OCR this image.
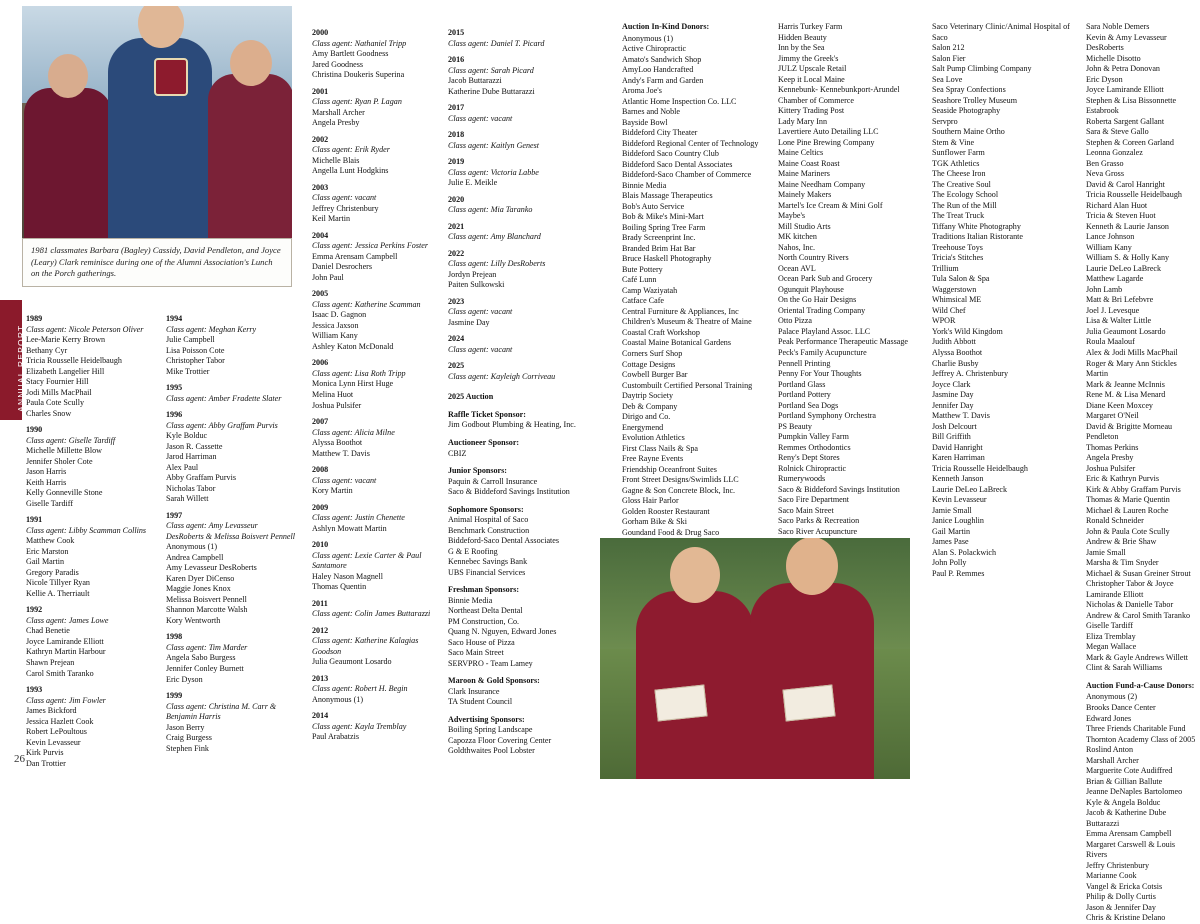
1981 classmates Barbara (Bagley) Cassidy, David Pendleton, and Joyce (Leary) Clark reminisce during one of the Alumni Association's Lunch on the Porch gatherings.
ANNUAL REPORT
1989
Class agent: Nicole Peterson Oliver
Lee-Marie Kerry Brown
Bethany Cyr
Tricia Rousselle Heidelbaugh
Elizabeth Langelier Hill
Stacy Fournier Hill
Jodi Mills MacPhail
Paula Cote Scully
Charles Snow
1990
Class agent: Giselle Tardiff
Michelle Millette Blow
Jennifer Sholer Cote
Jason Harris
Keith Harris
Kelly Gonneville Stone
Giselle Tardiff
1991
Class agent: Libby Scamman Collins
Matthew Cook
Eric Marston
Gail Martin
Gregory Paradis
Nicole Tillyer Ryan
Kellie A. Therriault
1992
Class agent: James Lowe
Chad Benetie
Joyce Lamirande Elliott
Kathryn Martin Harbour
Shawn Prejean
Carol Smith Taranko
1993
Class agent: Jim Fowler
James Bickford
Jessica Hazlett Cook
Robert LePoultous
Kevin Levasseur
Kirk Purvis
Dan Trottier
1994
Class agent: Meghan Kerry
Julie Campbell
Lisa Poisson Cote
Christopher Tabor
Mike Trottier
1995
Class agent: Amber Fradette Slater
1996
Class agent: Abby Graffam Purvis
Kyle Bolduc
Jason R. Cassette
Jarod Harriman
Alex Paul
Abby Graffam Purvis
Nicholas Tabor
Sarah Willett
1997
Class agent: Amy Levasseur DesRoberts & Melissa Boisvert Pennell
Anonymous (1)
Andrea Campbell
Amy Levasseur DesRoberts
Karen Dyer DiCenso
Maggie Jones Knox
Melissa Boisvert Pennell
Shannon Marcotte Walsh
Kory Wentworth
1998
Class agent: Tim Marder
Angela Sabo Burgess
Jennifer Conley Burnett
Eric Dyson
1999
Class agent: Christina M. Carr & Benjamin Harris
Jason Berry
Craig Burgess
Stephen Fink
2000
Class agent: Nathaniel Tripp
Amy Bartlett Goodness
Jared Goodness
Christina Doukeris Superina
2001
Class agent: Ryan P. Lagan
Marshall Archer
Angela Presby
2002
Class agent: Erik Ryder
Michelle Blais
Angella Lunt Hodgkins
2003
Class agent: vacant
Jeffrey Christenbury
Keil Martin
2004
Class agent: Jessica Perkins Foster
Emma Arensam Campbell
Daniel Desrochers
John Paul
2005
Class agent: Katherine Scamman
Isaac D. Gagnon
Jessica Jaxson
William Kany
Ashley Katon McDonald
2006
Class agent: Lisa Roth Tripp
Monica Lynn Hirst Huge
Melina Huot
Joshua Pulsifer
2007
Class agent: Alicia Milne
Alyssa Boothot
Matthew T. Davis
2008
Class agent: vacant
Kory Martin
2009
Class agent: Justin Chenette
Ashlyn Mowatt Martin
2010
Class agent: Lexie Carter & Paul Santamore
Haley Nason Magnell
Thomas Quentin
2011
Class agent: Colin James Buttarazzi
2012
Class agent: Katherine Kalagias Goodson
Julia Geaumont Losardo
2013
Class agent: Robert H. Begin
Anonymous (1)
2014
Class agent: Kayla Tremblay
Paul Arabatzis
2015
Class agent: Daniel T. Picard
2016
Class agent: Sarah Picard
Jacob Buttarazzi
Katherine Dube Buttarazzi
2017
Class agent: vacant
2018
Class agent: Kaitlyn Genest
2019
Class agent: Victoria Labbe
Julie E. Meikle
2020
Class agent: Mia Taranko
2021
Class agent: Amy Blanchard
2022
Class agent: Lilly DesRoberts
Jordyn Prejean
Paiten Sulkowski
2023
Class agent: vacant
Jasmine Day
2024
Class agent: vacant
2025
Class agent: Kayleigh Corriveau
2025 Auction
Raffle Ticket Sponsor:
Jim Godbout Plumbing & Heating, Inc.
Auctioneer Sponsor:
CBIZ
Junior Sponsors:
Paquin & Carroll Insurance
Saco & Biddeford Savings Institution
Sophomore Sponsors:
Animal Hospital of Saco
Benchmark Construction
Biddeford-Saco Dental Associates
G & E Roofing
Kennebec Savings Bank
UBS Financial Services
Freshman Sponsors:
Binnie Media
Northeast Delta Dental
PM Construction, Co.
Quang N. Nguyen, Edward Jones
Saco House of Pizza
Saco Main Street
SERVPRO - Team Lamey
Maroon & Gold Sponsors:
Clark Insurance
TA Student Council
Advertising Sponsors:
Boiling Spring Landscape
Capozza Floor Covering Center
Goldthwaites Pool Lobster
Auction In-Kind Donors:
Anonymous (1)
Active Chiropractic
Amato's Sandwich Shop
AmyLoo Handcrafted
Andy's Farm and Garden
Aroma Joe's
Atlantic Home Inspection Co. LLC
Barnes and Noble
Bayside Bowl
Biddeford City Theater
Biddeford Regional Center of Technology
Biddeford Saco Country Club
Biddeford Saco Dental Associates
Biddeford-Saco Chamber of Commerce
Binnie Media
Blais Massage Therapeutics
Bob's Auto Service
Bob & Mike's Mini-Mart
Boiling Spring Tree Farm
Brady Screenprint Inc.
Branded Brim Hat Bar
Bruce Haskell Photography
Bute Pottery
Café Lunn
Camp Waziyatah
Catface Cafe
Central Furniture & Appliances, Inc
Children's Museum & Theatre of Maine
Coastal Craft Workshop
Coastal Maine Botanical Gardens
Corners Surf Shop
Cottage Designs
Cowbell Burger Bar
Custombuilt Certified Personal Training
Daytrip Society
Deb & Company
Dirigo and Co.
Energymend
Evolution Athletics
First Class Nails & Spa
Free Rayne Events
Friendship Oceanfront Suites
Front Street Designs/Swimlids LLC
Gagne & Son Concrete Block, Inc.
Gloss Hair Parlor
Golden Rooster Restaurant
Gorham Bike & Ski
Goundand Food & Drug Saco
Harris Turkey Farm
Hidden Beauty
Inn by the Sea
Jimmy the Greek's
JULZ Upscale Retail
Keep it Local Maine
Kennebunk- Kennebunkport-Arundel Chamber of Commerce
Kittery Trading Post
Lady Mary Inn
Lavertiere Auto Detailing LLC
Lone Pine Brewing Company
Maine Celtics
Maine Coast Roast
Maine Mariners
Maine Needham Company
Mainely Makers
Martel's Ice Cream & Mini Golf
Maybe's
Mill Studio Arts
MK kitchen
Nahos, Inc.
North Country Rivers
Ocean AVL
Ocean Park Sub and Grocery
Ogunquit Playhouse
On the Go Hair Designs
Oriental Trading Company
Otto Pizza
Palace Playland Assoc. LLC
Peak Performance Therapeutic Massage
Peck's Family Acupuncture
Pennell Printing
Penny For Your Thoughts
Portland Glass
Portland Pottery
Portland Sea Dogs
Portland Symphony Orchestra
PS Beauty
Pumpkin Valley Farm
Remmes Orthodontics
Reny's Dept Stores
Rolnick Chiropractic
Rumerywoods
Saco & Biddeford Savings Institution
Saco Fire Department
Saco Main Street
Saco Parks & Recreation
Saco River Acupuncture
Saco Veterinary Clinic/Animal Hospital of Saco
Salon 212
Salon Fier
Salt Pump Climbing Company
Sea Love
Sea Spray Confections
Seashore Trolley Museum
Seaside Photography
Servpro
Southern Maine Ortho
Stem & Vine
Sunflower Farm
TGK Athletics
The Cheese Iron
The Creative Soul
The Ecology School
The Run of the Mill
The Treat Truck
Tiffany White Photography
Traditions Italian Ristorante
Treehouse Toys
Tricia's Stitches
Trillium
Tula Salon & Spa
Waggerstown
Whimsical ME
Wild Chef
WPOR
York's Wild Kingdom
Judith Abbott
Alyssa Boothot
Charlie Busby
Jeffrey A. Christenbury
Joyce Clark
Jasmine Day
Jennifer Day
Matthew T. Davis
Josh Delcourt
Bill Griffith
David Hanright
Karen Harriman
Tricia Rousselle Heidelbaugh
Kenneth Janson
Laurie DeLeo LaBreck
Kevin Levasseur
Jamie Small
Janice Loughlin
Gail Martin
James Pase
Alan S. Polackwich
John Polly
Paul P. Remmes
Sara Noble Demers
Kevin & Amy Levasseur DesRoberts
Michelle Disotto
John & Petra Donovan
Eric Dyson
Joyce Lamirande Elliott
Stephen & Lisa Bissonnette Estabrook
Roberta Sargent Gallant
Sara & Steve Gallo
Stephen & Coreen Garland
Leonna Gonzalez
Ben Grasso
Neva Gross
David & Carol Hanright
Tricia Rousselle Heidelbaugh
Richard Alan Huot
Tricia & Steven Huot
Kenneth & Laurie Janson
Lance Johnson
William Kany
William S. & Holly Kany
Laurie DeLeo LaBreck
Matthew Lagarde
John Lamb
Matt & Bri Lefebvre
Joel J. Levesque
Lisa & Walter Little
Julia Geaumont Losardo
Roula Maalouf
Alex & Jodi Mills MacPhail
Roger & Mary Ann Stickles Martin
Mark & Jeanne McInnis
Rene M. & Lisa Menard
Diane Keen Moxcey
Margaret O'Neil
David & Brigitte Morneau Pendleton
Thomas Perkins
Angela Presby
Joshua Pulsifer
Eric & Kathryn Purvis
Kirk & Abby Graffam Purvis
Thomas & Marie Quentin
Michael & Lauren Roche
Ronald Schneider
John & Paula Cote Scully
Andrew & Brie Shaw
Jamie Small
Marsha & Tim Snyder
Michael & Susan Greiner Strout
Christopher Tabor & Joyce Lamirande Elliott
Nicholas & Danielle Tabor
Andrew & Carol Smith Taranko
Giselle Tardiff
Eliza Tremblay
Megan Wallace
Mark & Gayle Andrews Willett
Clint & Sarah Williams
Auction Fund-a-Cause Donors:
Anonymous (2)
Brooks Dance Center
Edward Jones
Three Friends Charitable Fund
Thornton Academy Class of 2005
Roslind Anton
Marshall Archer
Marguerite Cote Audiffred
Brian & Gillian Ballute
Jeanne DeNaples Bartolomeo
Kyle & Angela Bolduc
Jacob & Katherine Dube Buttarazzi
Emma Arensam Campbell
Margaret Carswell & Louis Rivers
Jeffry Christenbury
Marianne Cook
Vangel & Ericka Cotsis
Philip & Dolly Curtis
Jason & Jennifer Day
Chris & Kristine Delano
26
